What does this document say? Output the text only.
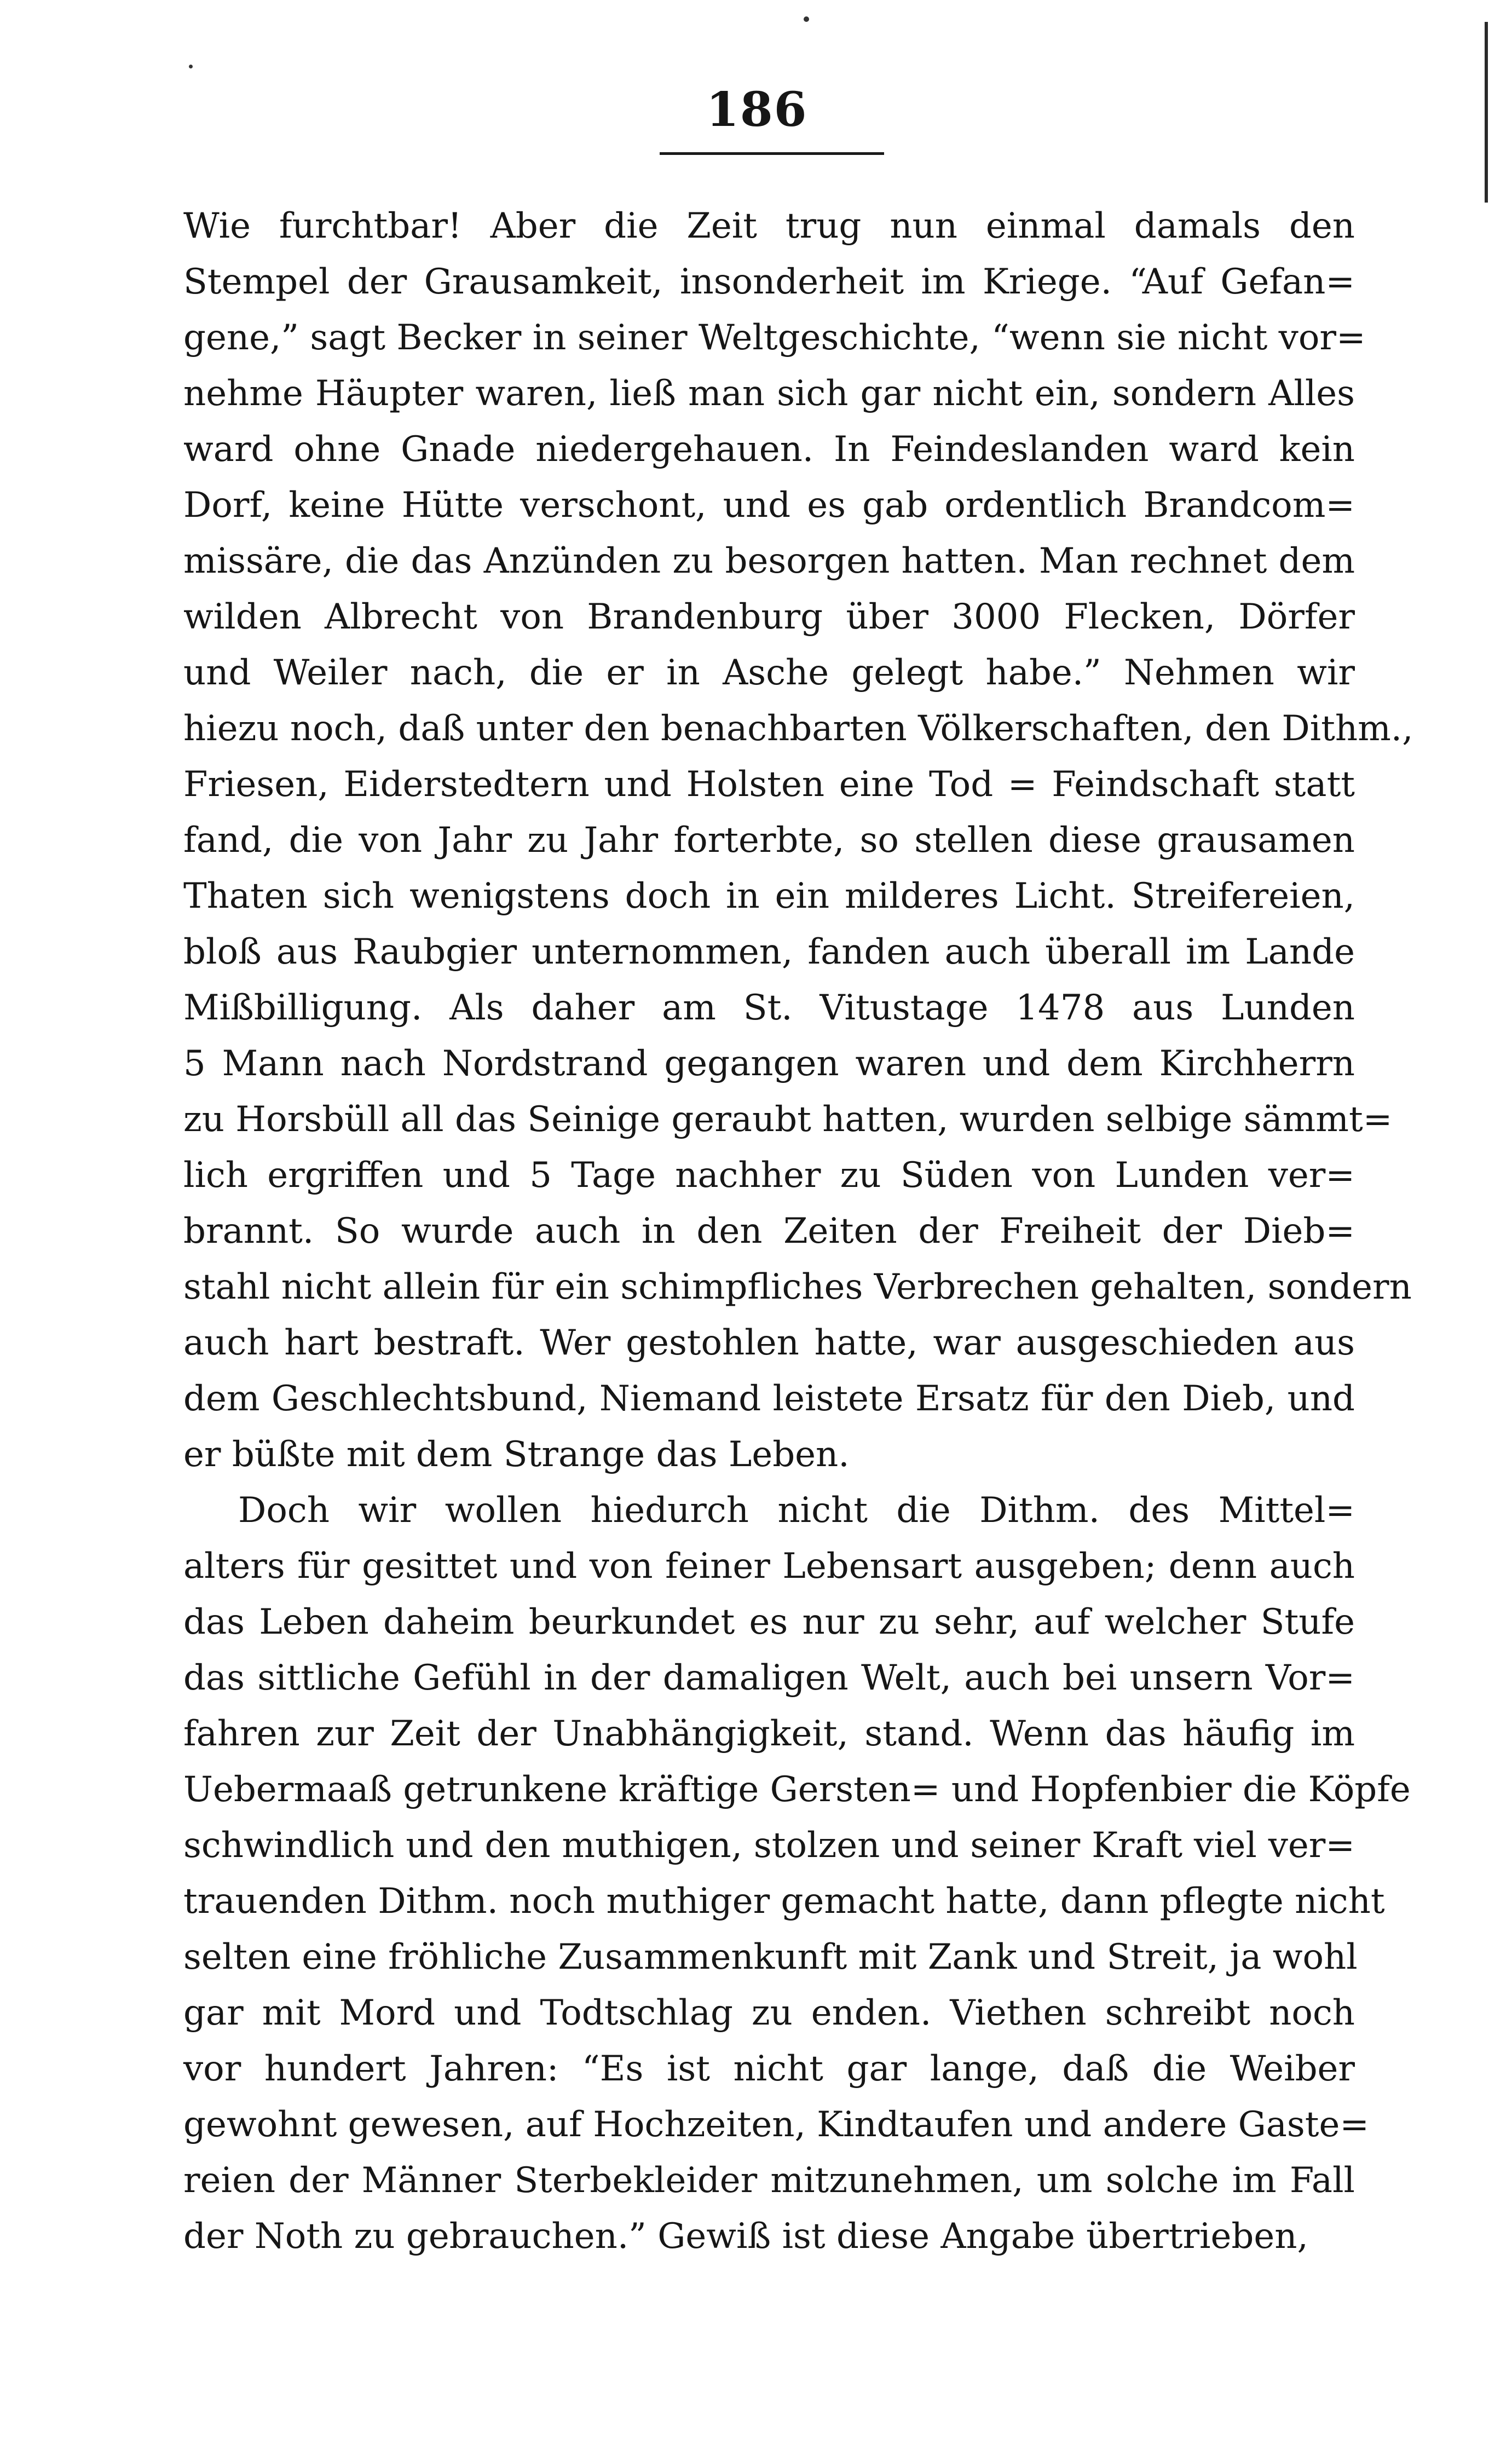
186

Wie furchtbar! Aber die Zeit trug nun einmal damals den
Stempel der Grausamkeit, insonderheit im Kriege. “Auf Gefan=
gene,” sagt Becker in seiner Weltgeschichte, “wenn sie nicht vor=
nehme Häupter waren, ließ man sich gar nicht ein, sondern Alles
ward ohne Gnade niedergehauen. In Feindeslanden ward kein
Dorf, keine Hütte verschont, und es gab ordentlich Brandcom=
missäre, die das Anzünden zu besorgen hatten. Man rechnet dem
wilden Albrecht von Brandenburg über 3000 Flecken, Dörfer
und Weiler nach, die er in Asche gelegt habe.” Nehmen wir
hiezu noch, daß unter den benachbarten Völkerschaften, den Dithm.,
Friesen, Eiderstedtern und Holsten eine Tod = Feindschaft statt
fand, die von Jahr zu Jahr forterbte, so stellen diese grausamen
Thaten sich wenigstens doch in ein milderes Licht. Streifereien,
bloß aus Raubgier unternommen, fanden auch überall im Lande
Mißbilligung. Als daher am St. Vitustage 1478 aus Lunden
5 Mann nach Nordstrand gegangen waren und dem Kirchherrn
zu Horsbüll all das Seinige geraubt hatten, wurden selbige sämmt=
lich ergriffen und 5 Tage nachher zu Süden von Lunden ver=
brannt. So wurde auch in den Zeiten der Freiheit der Dieb=
stahl nicht allein für ein schimpfliches Verbrechen gehalten, sondern
auch hart bestraft. Wer gestohlen hatte, war ausgeschieden aus
dem Geschlechtsbund, Niemand leistete Ersatz für den Dieb, und
er büßte mit dem Strange das Leben.
Doch wir wollen hiedurch nicht die Dithm. des Mittel=
alters für gesittet und von feiner Lebensart ausgeben; denn auch
das Leben daheim beurkundet es nur zu sehr, auf welcher Stufe
das sittliche Gefühl in der damaligen Welt, auch bei unsern Vor=
fahren zur Zeit der Unabhängigkeit, stand. Wenn das häufig im
Uebermaaß getrunkene kräftige Gersten= und Hopfenbier die Köpfe
schwindlich und den muthigen, stolzen und seiner Kraft viel ver=
trauenden Dithm. noch muthiger gemacht hatte, dann pflegte nicht
selten eine fröhliche Zusammenkunft mit Zank und Streit, ja wohl
gar mit Mord und Todtschlag zu enden. Viethen schreibt noch
vor hundert Jahren: “Es ist nicht gar lange, daß die Weiber
gewohnt gewesen, auf Hochzeiten, Kindtaufen und andere Gaste=
reien der Männer Sterbekleider mitzunehmen, um solche im Fall
der Noth zu gebrauchen.” Gewiß ist diese Angabe übertrieben,
